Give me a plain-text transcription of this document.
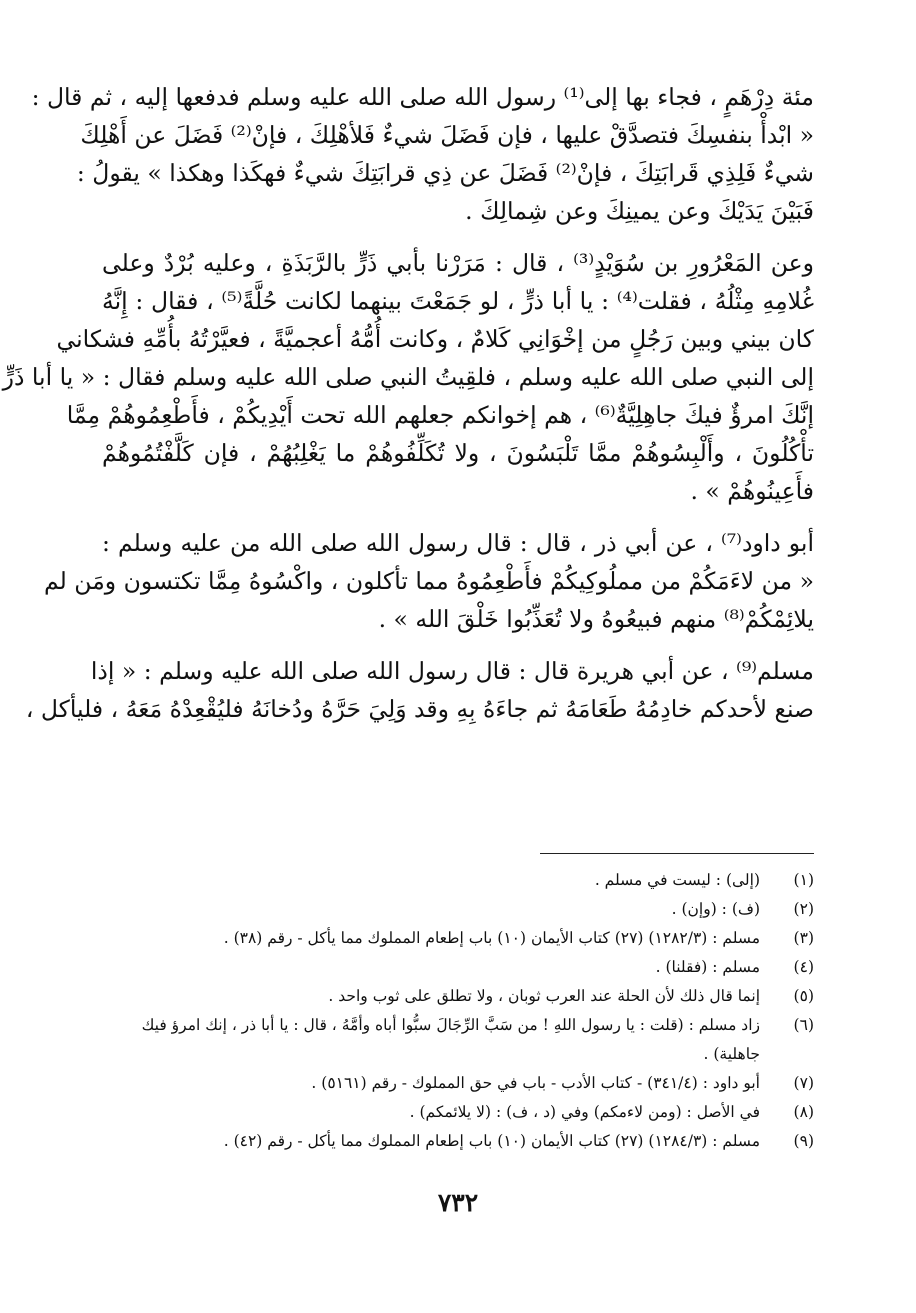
مئة دِرْهَمٍ ، فجاء بها إلى⁽¹⁾ رسول الله صلى الله عليه وسلم فدفعها إليه ، ثم قال :
« ابْدأْ بنفسِكَ فتصدَّقْ عليها ، فإن فَضَلَ شيءٌ فَلأهْلِكَ ، فإنْ⁽²⁾ فَضَلَ عن أَهْلِكَ
شيءٌ فَلِذِي قَرابَتِكَ ، فإنْ⁽²⁾ فَضَلَ عن ذِي قرابَتِكَ شيءٌ فهكَذا وهكذا » يقولُ :
فَبَيْنَ يَدَيْكَ وعن يمينِكَ وعن شِمالِكَ .
وعن المَعْرُورِ بن سُوَيْدٍ⁽³⁾ ، قال : مَرَرْنا بأبي ذَرٍّ بالرَّبَذَةِ ، وعليه بُرْدٌ وعلى
غُلامِهِ مِثْلُهُ ، فقلت⁽⁴⁾ : يا أبا ذرٍّ ، لو جَمَعْتَ بينهما لكانت حُلَّةً⁽⁵⁾ ، فقال : إِنَّهُ
كان بيني وبين رَجُلٍ من إخْوَانِي كَلامٌ ، وكانت أُمُّهُ أعجميَّةً ، فعيَّرْتُهُ بأُمِّهِ فشكاني
إلى النبي صلى الله عليه وسلم ، فلقِيتُ النبي صلى الله عليه وسلم فقال : « يا أبا ذَرٍّ
إنَّكَ امرؤٌ فيكَ جاهِلِيَّةٌ⁽⁶⁾ ، هم إخوانكم جعلهم الله تحت أَيْدِيكُمْ ، فأَطْعِمُوهُمْ مِمَّا
تأْكُلُونَ ، وأَلْبِسُوهُمْ ممَّا تَلْبَسُونَ ، ولا تُكَلِّفُوهُمْ ما يَغْلِبُهُمْ ، فإن كَلَّفْتُمُوهُمْ
فأَعِينُوهُمْ » .
أبو داود⁽⁷⁾ ، عن أبي ذر ، قال : قال رسول الله صلى الله من عليه وسلم :
« من لاءَمَكُمْ من مملُوكِيكُمْ فأَطْعِمُوهُ مما تأكلون ، واكْسُوهُ مِمَّا تكتسون ومَن لم
يلائِمْكُمْ⁽⁸⁾ منهم فبيعُوهُ ولا تُعَذِّبُوا خَلْقَ الله » .
مسلم⁽⁹⁾ ، عن أبي هريرة قال : قال رسول الله صلى الله عليه وسلم : « إذا
صنع لأحدكم خادِمُهُ طَعَامَهُ ثم جاءَهُ بِهِ وقد وَلِيَ حَرَّهُ ودُخانَهُ فليُقْعِدْهُ مَعَهُ ، فليأكل ،
(١)
(إلى) : ليست في مسلم .
(٢)
(ف) : (وإن) .
(٣)
مسلم : (١٢٨٢/٣) (٢٧) كتاب الأيمان (١٠) باب إطعام المملوك مما يأكل - رقم (٣٨) .
(٤)
مسلم : (فقلنا) .
(٥)
إنما قال ذلك لأن الحلة عند العرب ثوبان ، ولا تطلق على ثوب واحد .
(٦)
زاد مسلم : (قلت : يا رسول اللهِ ! من سَبَّ الرِّجَالَ سبُّوا أباه وأمَّهُ ، قال : يا أبا ذر ، إنك امرؤ فيك جاهلية) .
(٧)
أبو داود : (٣٤١/٤) - كتاب الأدب - باب في حق المملوك - رقم (٥١٦١) .
(٨)
في الأصل : (ومن لاءمكم) وفي (د ، ف) : (لا يلائمكم) .
(٩)
مسلم : (١٢٨٤/٣) (٢٧) كتاب الأيمان (١٠) باب إطعام المملوك مما يأكل - رقم (٤٢) .
٧٣٢
